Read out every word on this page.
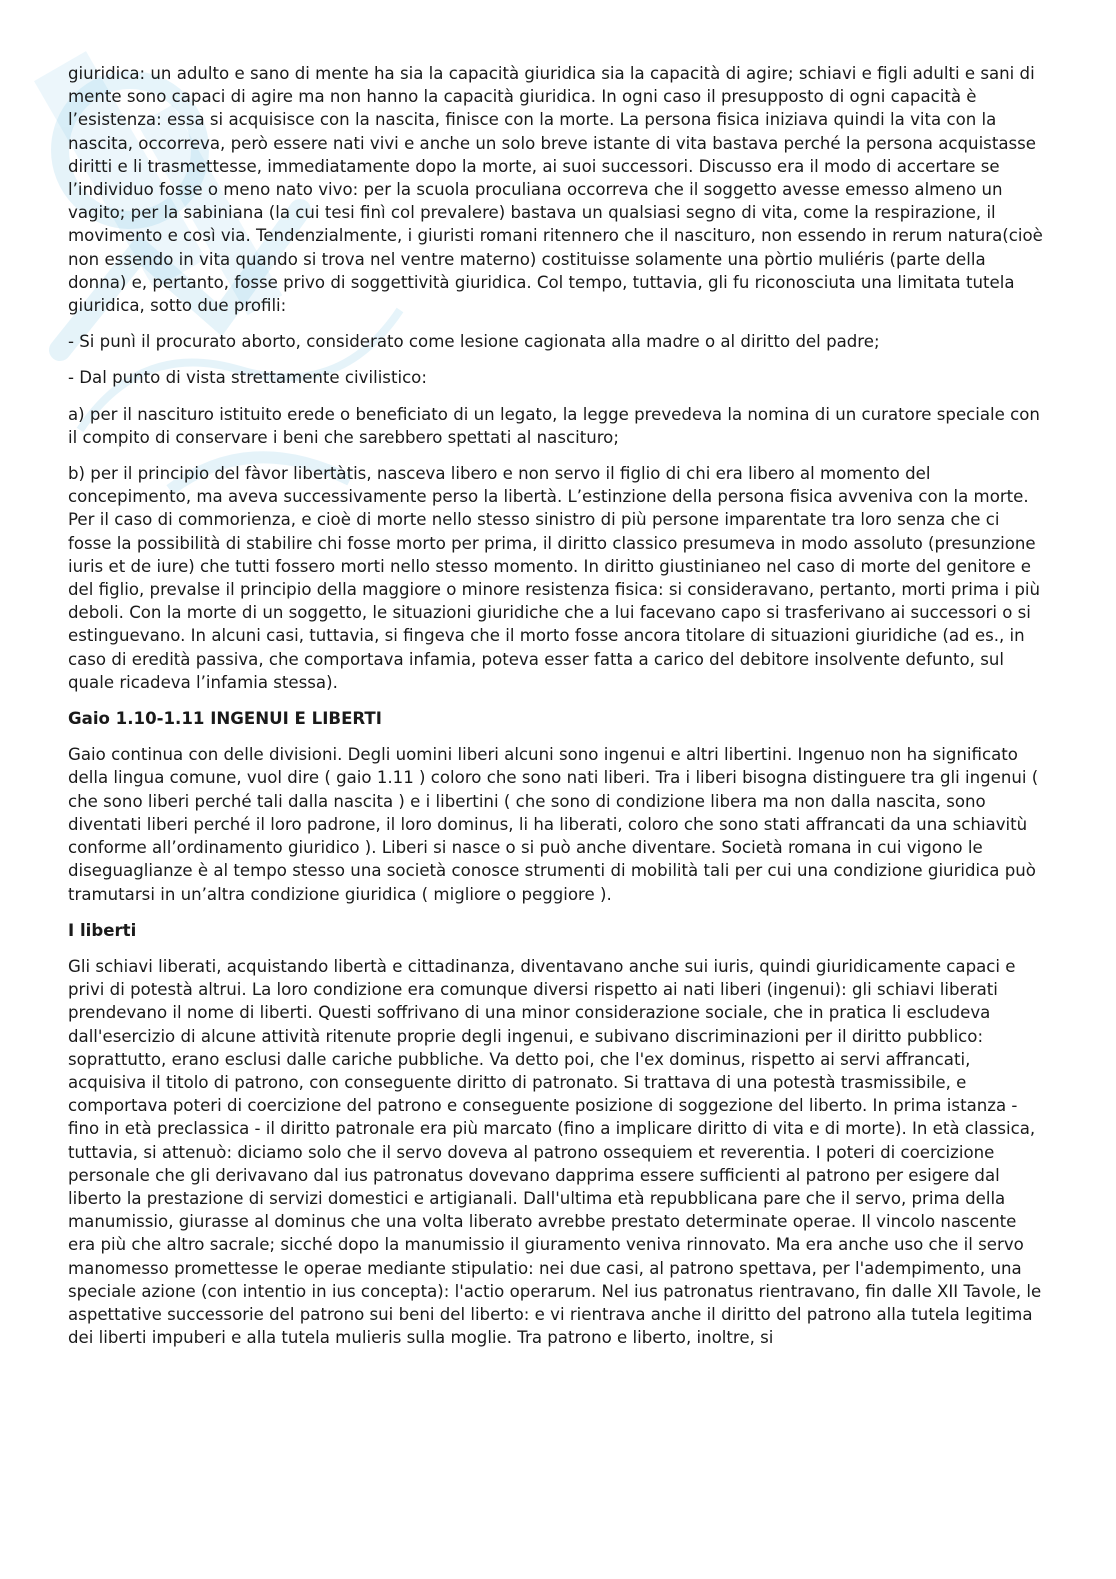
giuridica: un adulto e sano di mente ha sia la capacità giuridica sia la capacità di agire; schiavi e figli adulti e sani di mente sono capaci di agire ma non hanno la capacità giuridica. In ogni caso il presupposto di ogni capacità è l’esistenza: essa si acquisisce con la nascita, finisce con la morte. La persona fisica iniziava quindi la vita con la nascita, occorreva, però essere nati vivi e anche un solo breve istante di vita bastava perché la persona acquistasse diritti e li trasmettesse, immediatamente dopo la morte, ai suoi successori. Discusso era il modo di accertare se l’individuo fosse o meno nato vivo: per la scuola proculiana occorreva che il soggetto avesse emesso almeno un vagito; per la sabiniana (la cui tesi finì col prevalere) bastava un qualsiasi segno di vita, come la respirazione, il movimento e così via. Tendenzialmente, i giuristi romani ritennero che il nascituro, non essendo in rerum natura(cioè non essendo in vita quando si trova nel ventre materno) costituisse solamente una pòrtio muliéris (parte della donna) e, pertanto, fosse privo di soggettività giuridica. Col tempo, tuttavia, gli fu riconosciuta una limitata tutela giuridica, sotto due profili:

- Si punì il procurato aborto, considerato come lesione cagionata alla madre o al diritto del padre;

- Dal punto di vista strettamente civilistico:

a) per il nascituro istituito erede o beneficiato di un legato, la legge prevedeva la nomina di un curatore speciale con il compito di conservare i beni che sarebbero spettati al nascituro;

b) per il principio del fàvor libertàtis, nasceva libero e non servo il figlio di chi era libero al momento del concepimento, ma aveva successivamente perso la libertà. L’estinzione della persona fisica avveniva con la morte. Per il caso di commorienza, e cioè di morte nello stesso sinistro di più persone imparentate tra loro senza che ci fosse la possibilità di stabilire chi fosse morto per prima, il diritto classico presumeva in modo assoluto (presunzione iuris et de iure) che tutti fossero morti nello stesso momento. In diritto giustinianeo nel caso di morte del genitore e del figlio, prevalse il principio della maggiore o minore resistenza fisica: si consideravano, pertanto, morti prima i più deboli. Con la morte di un soggetto, le situazioni giuridiche che a lui facevano capo si trasferivano ai successori o si estinguevano. In alcuni casi, tuttavia, si fingeva che il morto fosse ancora titolare di situazioni giuridiche (ad es., in caso di eredità passiva, che comportava infamia, poteva esser fatta a carico del debitore insolvente defunto, sul quale ricadeva l’infamia stessa).

Gaio 1.10-1.11 INGENUI E LIBERTI

Gaio continua con delle divisioni. Degli uomini liberi alcuni sono ingenui e altri libertini. Ingenuo non ha significato della lingua comune, vuol dire ( gaio 1.11 ) coloro che sono nati liberi. Tra i liberi bisogna distinguere tra gli ingenui ( che sono liberi perché tali dalla nascita ) e i libertini ( che sono di condizione libera ma non dalla nascita, sono diventati liberi perché il loro padrone, il loro dominus, li ha liberati, coloro che sono stati affrancati da una schiavitù conforme all’ordinamento giuridico ). Liberi si nasce o si può anche diventare. Società romana in cui vigono le diseguaglianze è al tempo stesso una società conosce strumenti di mobilità tali per cui una condizione giuridica può tramutarsi in un’altra condizione giuridica ( migliore o peggiore ).

I liberti

Gli schiavi liberati, acquistando libertà e cittadinanza, diventavano anche sui iuris, quindi giuridicamente capaci e privi di potestà altrui. La loro condizione era comunque diversi rispetto ai nati liberi (ingenui): gli schiavi liberati prendevano il nome di liberti. Questi soffrivano di una minor considerazione sociale, che in pratica li escludeva dall'esercizio di alcune attività ritenute proprie degli ingenui, e subivano discriminazioni per il diritto pubblico: soprattutto, erano esclusi dalle cariche pubbliche. Va detto poi, che l'ex dominus, rispetto ai servi affrancati, acquisiva il titolo di patrono, con conseguente diritto di patronato. Si trattava di una potestà trasmissibile, e comportava poteri di coercizione del patrono e conseguente posizione di soggezione del liberto. In prima istanza - fino in età preclassica - il diritto patronale era più marcato (fino a implicare diritto di vita e di morte). In età classica, tuttavia, si attenuò: diciamo solo che il servo doveva al patrono ossequiem et reverentia. I poteri di coercizione personale che gli derivavano dal ius patronatus dovevano dapprima essere sufficienti al patrono per esigere dal liberto la prestazione di servizi domestici e artigianali. Dall'ultima età repubblicana pare che il servo, prima della manumissio, giurasse al dominus che una volta liberato avrebbe prestato determinate operae. Il vincolo nascente era più che altro sacrale; sicché dopo la manumissio il giuramento veniva rinnovato. Ma era anche uso che il servo manomesso promettesse le operae mediante stipulatio: nei due casi, al patrono spettava, per l'adempimento, una speciale azione (con intentio in ius concepta): l'actio operarum. Nel ius patronatus rientravano, fin dalle XII Tavole, le aspettative successorie del patrono sui beni del liberto: e vi rientrava anche il diritto del patrono alla tutela legitima dei liberti impuberi e alla tutela mulieris sulla moglie. Tra patrono e liberto, inoltre, si
